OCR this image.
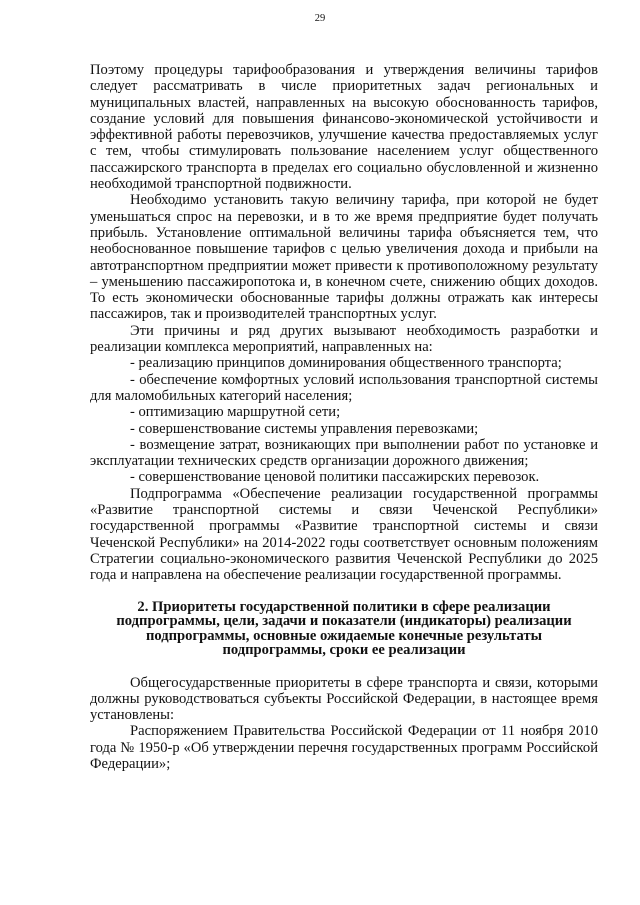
29

Поэтому процедуры тарифообразования и утверждения величины тарифов следует рассматривать в числе приоритетных задач региональных и муниципальных властей, направленных на высокую обоснованность тарифов, создание условий для повышения финансово-экономической устойчивости и эффективной работы перевозчиков, улучшение качества предоставляемых услуг с тем, чтобы стимулировать пользование населением услуг общественного пассажирского транспорта в пределах его социально обусловленной и жизненно необходимой транспортной подвижности.

Необходимо установить такую величину тарифа, при которой не будет уменьшаться спрос на перевозки, и в то же время предприятие будет получать прибыль. Установление оптимальной величины тарифа объясняется тем, что необоснованное повышение тарифов с целью увеличения дохода и прибыли на автотранспортном предприятии может привести к противоположному результату – уменьшению пассажиропотока и, в конечном счете, снижению общих доходов. То есть экономически обоснованные тарифы должны отражать как интересы пассажиров, так и производителей транспортных услуг.

Эти причины и ряд других вызывают необходимость разработки и реализации комплекса мероприятий, направленных на:

- реализацию принципов доминирования общественного транспорта;

- обеспечение комфортных условий использования транспортной системы для маломобильных категорий населения;

- оптимизацию маршрутной сети;

- совершенствование системы управления перевозками;

- возмещение затрат, возникающих при выполнении работ по установке и эксплуатации технических средств организации дорожного движения;

- совершенствование ценовой политики пассажирских перевозок.

Подпрограмма «Обеспечение реализации государственной программы «Развитие транспортной системы и связи Чеченской Республики» государственной программы «Развитие транспортной системы и связи Чеченской Республики» на 2014-2022 годы соответствует основным положениям Стратегии социально-экономического развития Чеченской Республики до 2025 года и направлена на обеспечение реализации государственной программы.

2. Приоритеты государственной политики в сфере реализации подпрограммы, цели, задачи и показатели (индикаторы) реализации подпрограммы, основные ожидаемые конечные результаты подпрограммы, сроки ее реализации

Общегосударственные приоритеты в сфере транспорта и связи, которыми должны руководствоваться субъекты Российской Федерации, в настоящее время установлены:

Распоряжением Правительства Российской Федерации от 11 ноября 2010 года № 1950-р «Об утверждении перечня государственных программ Российской Федерации»;
